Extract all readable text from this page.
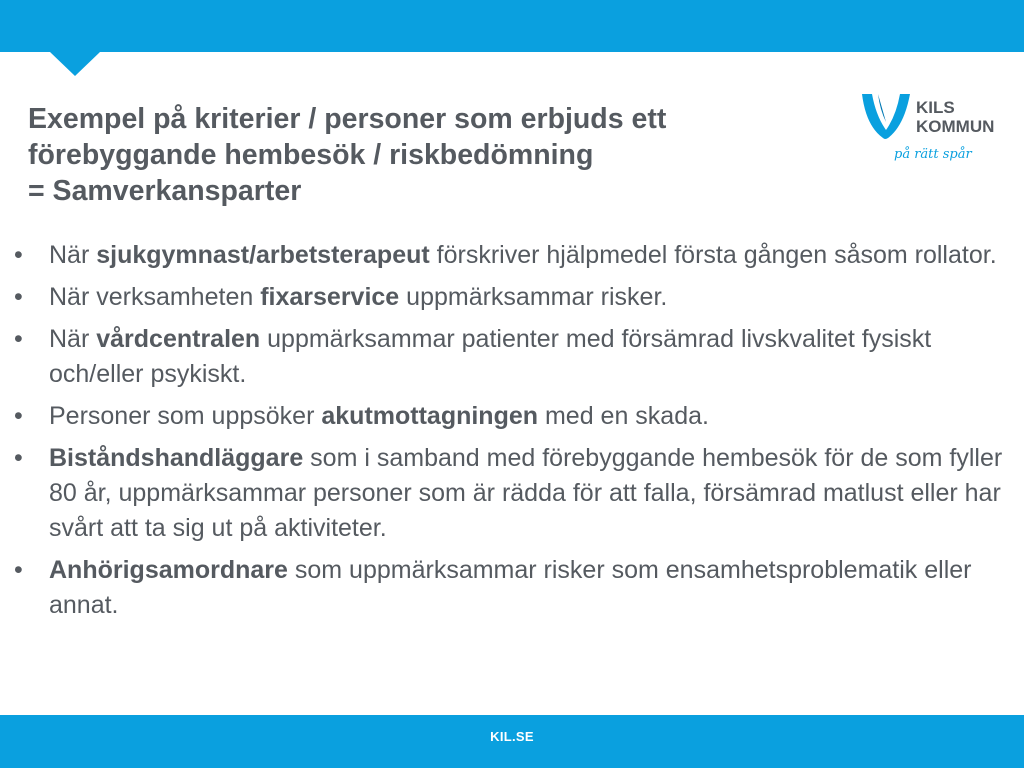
Exempel på kriterier / personer som erbjuds ett
förebyggande hembesök / riskbedömning
= Samverkansparter
KILS
KOMMUN
på rätt spår
• När sjukgymnast/arbetsterapeut förskriver hjälpmedel första gången såsom rollator.
• När verksamheten fixarservice uppmärksammar risker.
• När vårdcentralen uppmärksammar patienter med försämrad livskvalitet fysiskt och/eller psykiskt.
• Personer som uppsöker akutmottagningen med en skada.
• Biståndshandläggare som i samband med förebyggande hembesök för de som fyller 80 år, uppmärksammar personer som är rädda för att falla, försämrad matlust eller har svårt att ta sig ut på aktiviteter.
• Anhörigsamordnare som uppmärksammar risker som ensamhetsproblematik eller annat.
KIL.SE
